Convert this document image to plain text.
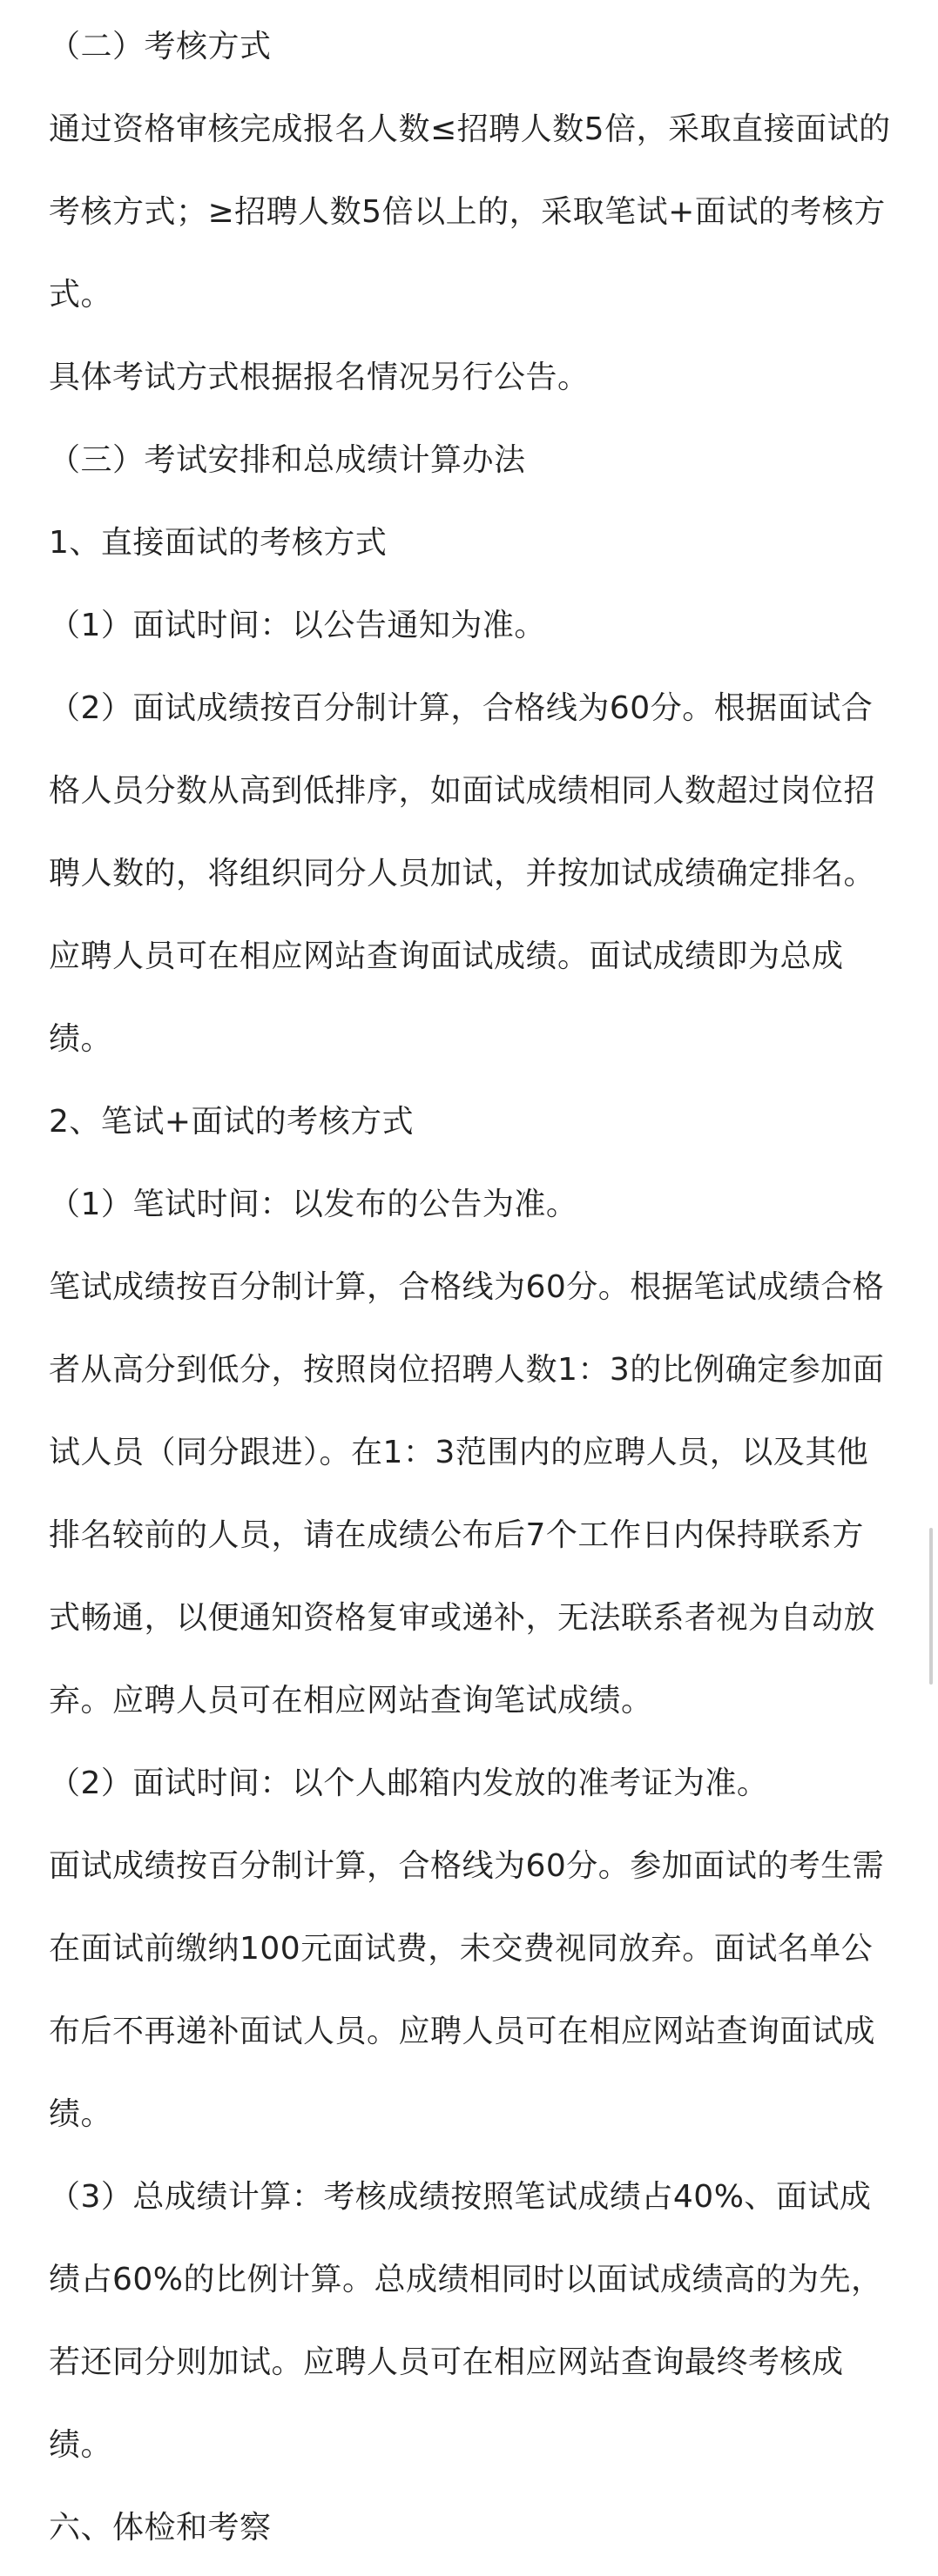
（二）考核方式

通过资格审核完成报名人数≤招聘人数5倍，采取直接面试的考核方式；≥招聘人数5倍以上的，采取笔试+面试的考核方式。

具体考试方式根据报名情况另行公告。

（三）考试安排和总成绩计算办法

1、直接面试的考核方式

（1）面试时间：以公告通知为准。

（2）面试成绩按百分制计算，合格线为60分。根据面试合格人员分数从高到低排序，如面试成绩相同人数超过岗位招聘人数的，将组织同分人员加试，并按加试成绩确定排名。应聘人员可在相应网站查询面试成绩。面试成绩即为总成绩。

2、笔试+面试的考核方式

（1）笔试时间：以发布的公告为准。

笔试成绩按百分制计算，合格线为60分。根据笔试成绩合格者从高分到低分，按照岗位招聘人数1：3的比例确定参加面试人员（同分跟进）。在1：3范围内的应聘人员，以及其他排名较前的人员，请在成绩公布后7个工作日内保持联系方式畅通，以便通知资格复审或递补，无法联系者视为自动放弃。应聘人员可在相应网站查询笔试成绩。

（2）面试时间：以个人邮箱内发放的准考证为准。

面试成绩按百分制计算，合格线为60分。参加面试的考生需在面试前缴纳100元面试费，未交费视同放弃。面试名单公布后不再递补面试人员。应聘人员可在相应网站查询面试成绩。

（3）总成绩计算：考核成绩按照笔试成绩占40%、面试成绩占60%的比例计算。总成绩相同时以面试成绩高的为先，若还同分则加试。应聘人员可在相应网站查询最终考核成绩。

六、体检和考察
